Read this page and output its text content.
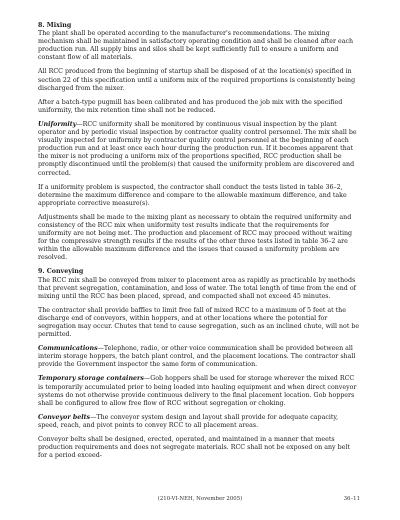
8. Mixing

The plant shall be operated according to the manufacturer's recommendations. The mixing mechanism shall be maintained in satisfactory operating condition and shall be cleaned after each production run. All supply bins and silos shall be kept sufficiently full to ensure a uniform and constant flow of all materials.

All RCC produced from the beginning of startup shall be disposed of at the location(s) specified in section 22 of this specification until a uniform mix of the required proportions is consistently being discharged from the mixer.

After a batch-type pugmill has been calibrated and has produced the job mix with the specified uniformity, the mix retention time shall not be reduced.

Uniformity—RCC uniformity shall be monitored by continuous visual inspection by the plant operator and by periodic visual inspection by contractor quality control personnel. The mix shall be visually inspected for uniformity by contractor quality control personnel at the beginning of each production run and at least once each hour during the production run. If it becomes apparent that the mixer is not producing a uniform mix of the proportions specified, RCC production shall be promptly discontinued until the problem(s) that caused the uniformity problem are discovered and corrected.

If a uniformity problem is suspected, the contractor shall conduct the tests listed in table 36–2, determine the maximum difference and compare to the allowable maximum difference, and take appropriate corrective measure(s).

Adjustments shall be made to the mixing plant as necessary to obtain the required uniformity and consistency of the RCC mix when uniformity test results indicate that the requirements for uniformity are not being met. The production and placement of RCC may proceed without waiting for the compressive strength results if the results of the other three tests listed in table 36–2 are within the allowable maximum difference and the issues that caused a uniformity problem are resolved.

9. Conveying

The RCC mix shall be conveyed from mixer to placement area as rapidly as practicable by methods that prevent segregation, contamination, and loss of water. The total length of time from the end of mixing until the RCC has been placed, spread, and compacted shall not exceed 45 minutes.

The contractor shall provide baffles to limit free fall of mixed RCC to a maximum of 5 feet at the discharge end of conveyors, within hoppers, and at other locations where the potential for segregation may occur. Chutes that tend to cause segregation, such as an inclined chute, will not be permitted.

Communications—Telephone, radio, or other voice communication shall be provided between all interim storage hoppers, the batch plant control, and the placement locations. The contractor shall provide the Government inspector the same form of communication.

Temporary storage containers—Gob hoppers shall be used for storage wherever the mixed RCC is temporarily accumulated prior to being loaded into hauling equipment and when direct conveyor systems do not otherwise provide continuous delivery to the final placement location. Gob hoppers shall be configured to allow free flow of RCC without segregation or choking.

Conveyor belts—The conveyor system design and layout shall provide for adequate capacity, speed, reach, and pivot points to convey RCC to all placement areas.

Conveyor belts shall be designed, erected, operated, and maintained in a manner that meets production requirements and does not segregate materials. RCC shall not be exposed on any belt for a period exceed-

(210-VI-NEH, November 2005)	36–11
